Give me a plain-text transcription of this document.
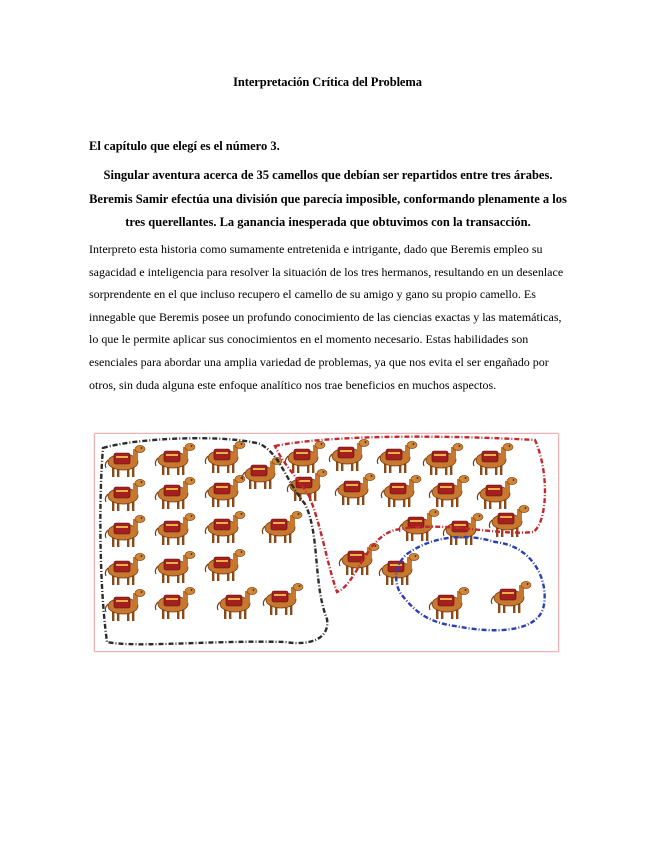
Interpretación Crítica del Problema
El capítulo que elegí es el número 3.
Singular aventura acerca de 35 camellos que debían ser repartidos entre tres árabes. Beremis Samir efectúa una división que parecía imposible, conformando plenamente a los tres querellantes. La ganancia inesperada que obtuvimos con la transacción.
Interpreto esta historia como sumamente entretenida e intrigante, dado que Beremis empleo su sagacidad e inteligencia para resolver la situación de los tres hermanos, resultando en un desenlace sorprendente en el que incluso recupero el camello de su amigo y gano su propio camello. Es innegable que Beremis posee un profundo conocimiento de las ciencias exactas y las matemáticas, lo que le permite aplicar sus conocimientos en el momento necesario. Estas habilidades son esenciales para abordar una amplia variedad de problemas, ya que nos evita el ser engañado por otros, sin duda alguna este enfoque analítico nos trae beneficios en muchos aspectos.
